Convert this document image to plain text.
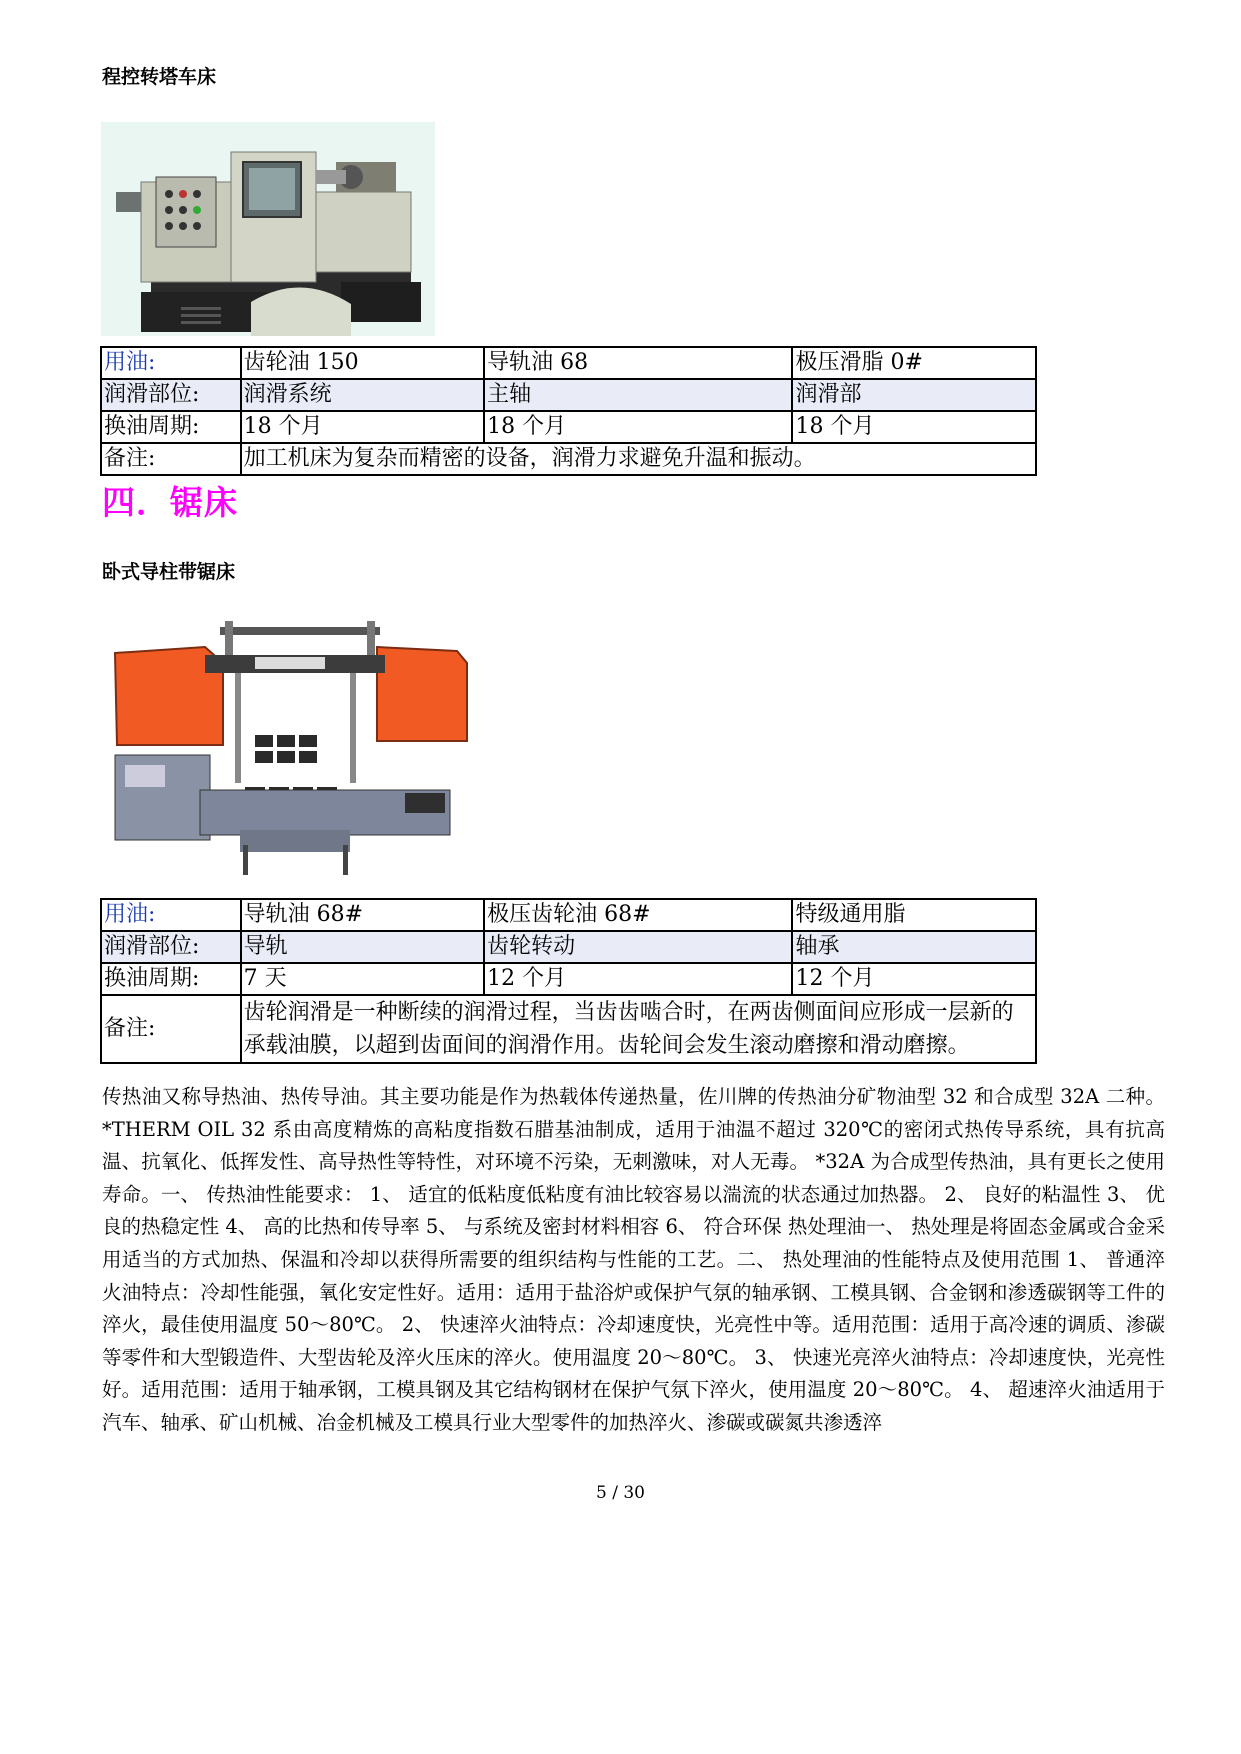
程控转塔车床
用油:	齿轮油 150	导轨油 68	极压滑脂 0#
润滑部位:	润滑系统	主轴	润滑部
换油周期:	18 个月	18 个月	18 个月
备注:	加工机床为复杂而精密的设备，润滑力求避免升温和振动。		
四．锯床
卧式导柱带锯床
用油:	导轨油 68#	极压齿轮油 68#	特级通用脂
润滑部位:	导轨	齿轮转动	轴承
换油周期:	7 天	12 个月	12 个月
备注:	齿轮润滑是一种断续的润滑过程，当齿齿啮合时，在两齿侧面间应形成一层新的承载油膜，以超到齿面间的润滑作用。齿轮间会发生滚动磨擦和滑动磨擦。		
传热油又称导热油、热传导油。其主要功能是作为热载体传递热量，佐川牌的传热油分矿物油型 32 和合成型 32A 二种。 *THERM OIL 32 系由高度精炼的高粘度指数石腊基油制成，适用于油温不超过 320℃的密闭式热传导系统，具有抗高温、抗氧化、低挥发性、高导热性等特性，对环境不污染，无刺激味，对人无毒。 *32A 为合成型传热油，具有更长之使用寿命。一、 传热油性能要求： 1、 适宜的低粘度低粘度有油比较容易以湍流的状态通过加热器。 2、 良好的粘温性 3、 优良的热稳定性 4、 高的比热和传导率 5、 与系统及密封材料相容 6、 符合环保 热处理油一、 热处理是将固态金属或合金采用适当的方式加热、保温和冷却以获得所需要的组织结构与性能的工艺。二、 热处理油的性能特点及使用范围 1、 普通淬火油特点：冷却性能强，氧化安定性好。适用：适用于盐浴炉或保护气氛的轴承钢、工模具钢、合金钢和渗透碳钢等工件的淬火，最佳使用温度 50～80℃。 2、 快速淬火油特点：冷却速度快，光亮性中等。适用范围：适用于高冷速的调质、渗碳等零件和大型锻造件、大型齿轮及淬火压床的淬火。使用温度 20～80℃。 3、 快速光亮淬火油特点：冷却速度快，光亮性好。适用范围：适用于轴承钢，工模具钢及其它结构钢材在保护气氛下淬火，使用温度 20～80℃。 4、 超速淬火油适用于汽车、轴承、矿山机械、冶金机械及工模具行业大型零件的加热淬火、渗碳或碳氮共渗透淬
5 / 30
